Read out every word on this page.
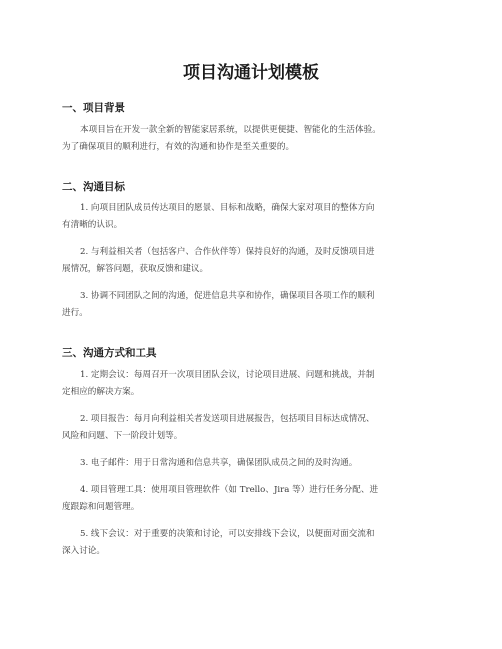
项目沟通计划模板
一、项目背景
本项目旨在开发一款全新的智能家居系统，以提供更便捷、智能化的生活体验。
为了确保项目的顺利进行，有效的沟通和协作是至关重要的。
二、沟通目标
1. 向项目团队成员传达项目的愿景、目标和战略，确保大家对项目的整体方向
有清晰的认识。
2. 与利益相关者（包括客户、合作伙伴等）保持良好的沟通，及时反馈项目进
展情况，解答问题，获取反馈和建议。
3. 协调不同团队之间的沟通，促进信息共享和协作，确保项目各项工作的顺利
进行。
三、沟通方式和工具
1. 定期会议：每周召开一次项目团队会议，讨论项目进展、问题和挑战，并制
定相应的解决方案。
2. 项目报告：每月向利益相关者发送项目进展报告，包括项目目标达成情况、
风险和问题、下一阶段计划等。
3. 电子邮件：用于日常沟通和信息共享，确保团队成员之间的及时沟通。
4. 项目管理工具：使用项目管理软件（如 Trello、Jira 等）进行任务分配、进
度跟踪和问题管理。
5. 线下会议：对于重要的决策和讨论，可以安排线下会议，以便面对面交流和
深入讨论。
